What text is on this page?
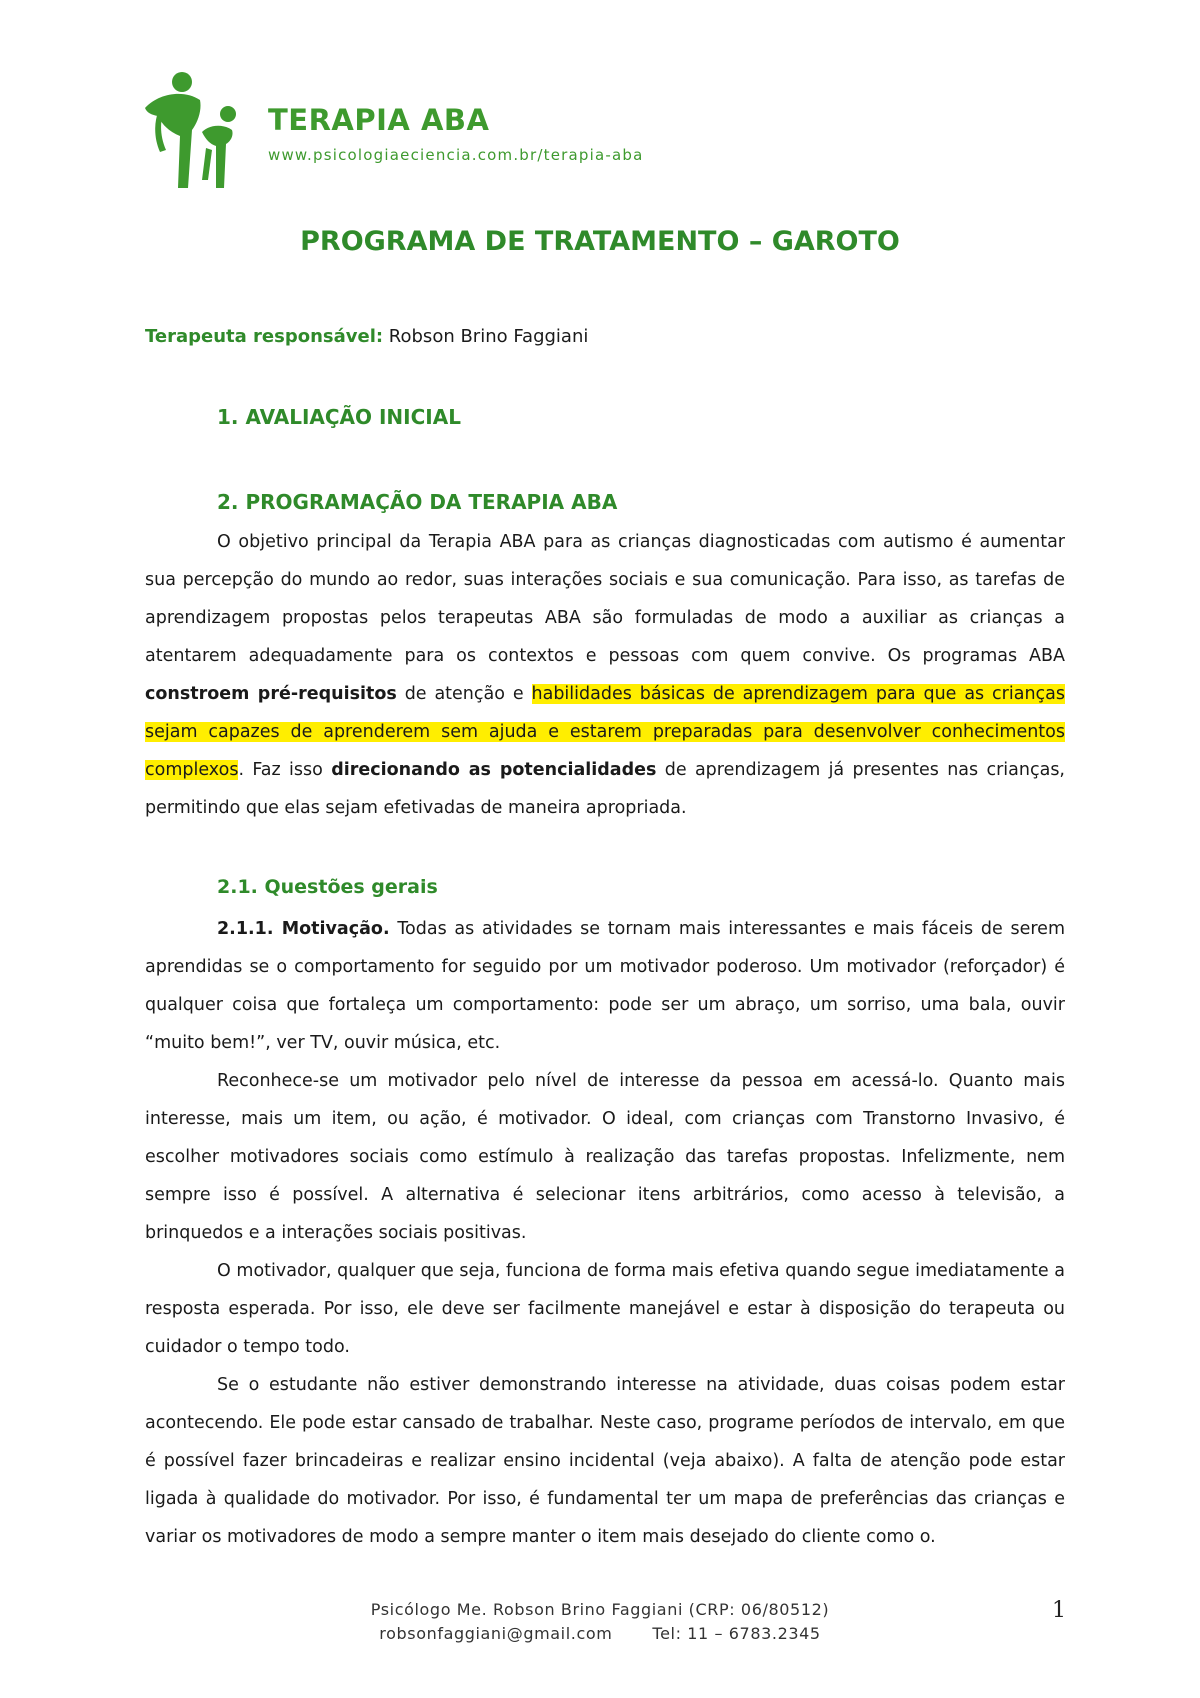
TERAPIA ABA
www.psicologiaeciencia.com.br/terapia-aba
PROGRAMA DE TRATAMENTO – GAROTO
Terapeuta responsável: Robson Brino Faggiani
1. AVALIAÇÃO INICIAL
2. PROGRAMAÇÃO DA TERAPIA ABA

O objetivo principal da Terapia ABA para as crianças diagnosticadas com autismo é aumentar sua percepção do mundo ao redor, suas interações sociais e sua comunicação. Para isso, as tarefas de aprendizagem propostas pelos terapeutas ABA são formuladas de modo a auxiliar as crianças a atentarem adequadamente para os contextos e pessoas com quem convive. Os programas ABA constroem pré-requisitos de atenção e habilidades básicas de aprendizagem para que as crianças sejam capazes de aprenderem sem ajuda e estarem preparadas para desenvolver conhecimentos complexos. Faz isso direcionando as potencialidades de aprendizagem já presentes nas crianças, permitindo que elas sejam efetivadas de maneira apropriada.

2.1. Questões gerais

2.1.1. Motivação. Todas as atividades se tornam mais interessantes e mais fáceis de serem aprendidas se o comportamento for seguido por um motivador poderoso. Um motivador (reforçador) é qualquer coisa que fortaleça um comportamento: pode ser um abraço, um sorriso, uma bala, ouvir “muito bem!”, ver TV, ouvir música, etc.

Reconhece-se um motivador pelo nível de interesse da pessoa em acessá-lo. Quanto mais interesse, mais um item, ou ação, é motivador. O ideal, com crianças com Transtorno Invasivo, é escolher motivadores sociais como estímulo à realização das tarefas propostas. Infelizmente, nem sempre isso é possível. A alternativa é selecionar itens arbitrários, como acesso à televisão, a brinquedos e a interações sociais positivas.

O motivador, qualquer que seja, funciona de forma mais efetiva quando segue imediatamente a resposta esperada. Por isso, ele deve ser facilmente manejável e estar à disposição do terapeuta ou cuidador o tempo todo.

Se o estudante não estiver demonstrando interesse na atividade, duas coisas podem estar acontecendo. Ele pode estar cansado de trabalhar. Neste caso, programe períodos de intervalo, em que é possível fazer brincadeiras e realizar ensino incidental (veja abaixo). A falta de atenção pode estar ligada à qualidade do motivador. Por isso, é fundamental ter um mapa de preferências das crianças e variar os motivadores de modo a sempre manter o item mais desejado do cliente como o.

Psicólogo Me. Robson Brino Faggiani (CRP: 06/80512)
robsonfaggiani@gmail.com	Tel: 11 – 6783.2345
1
